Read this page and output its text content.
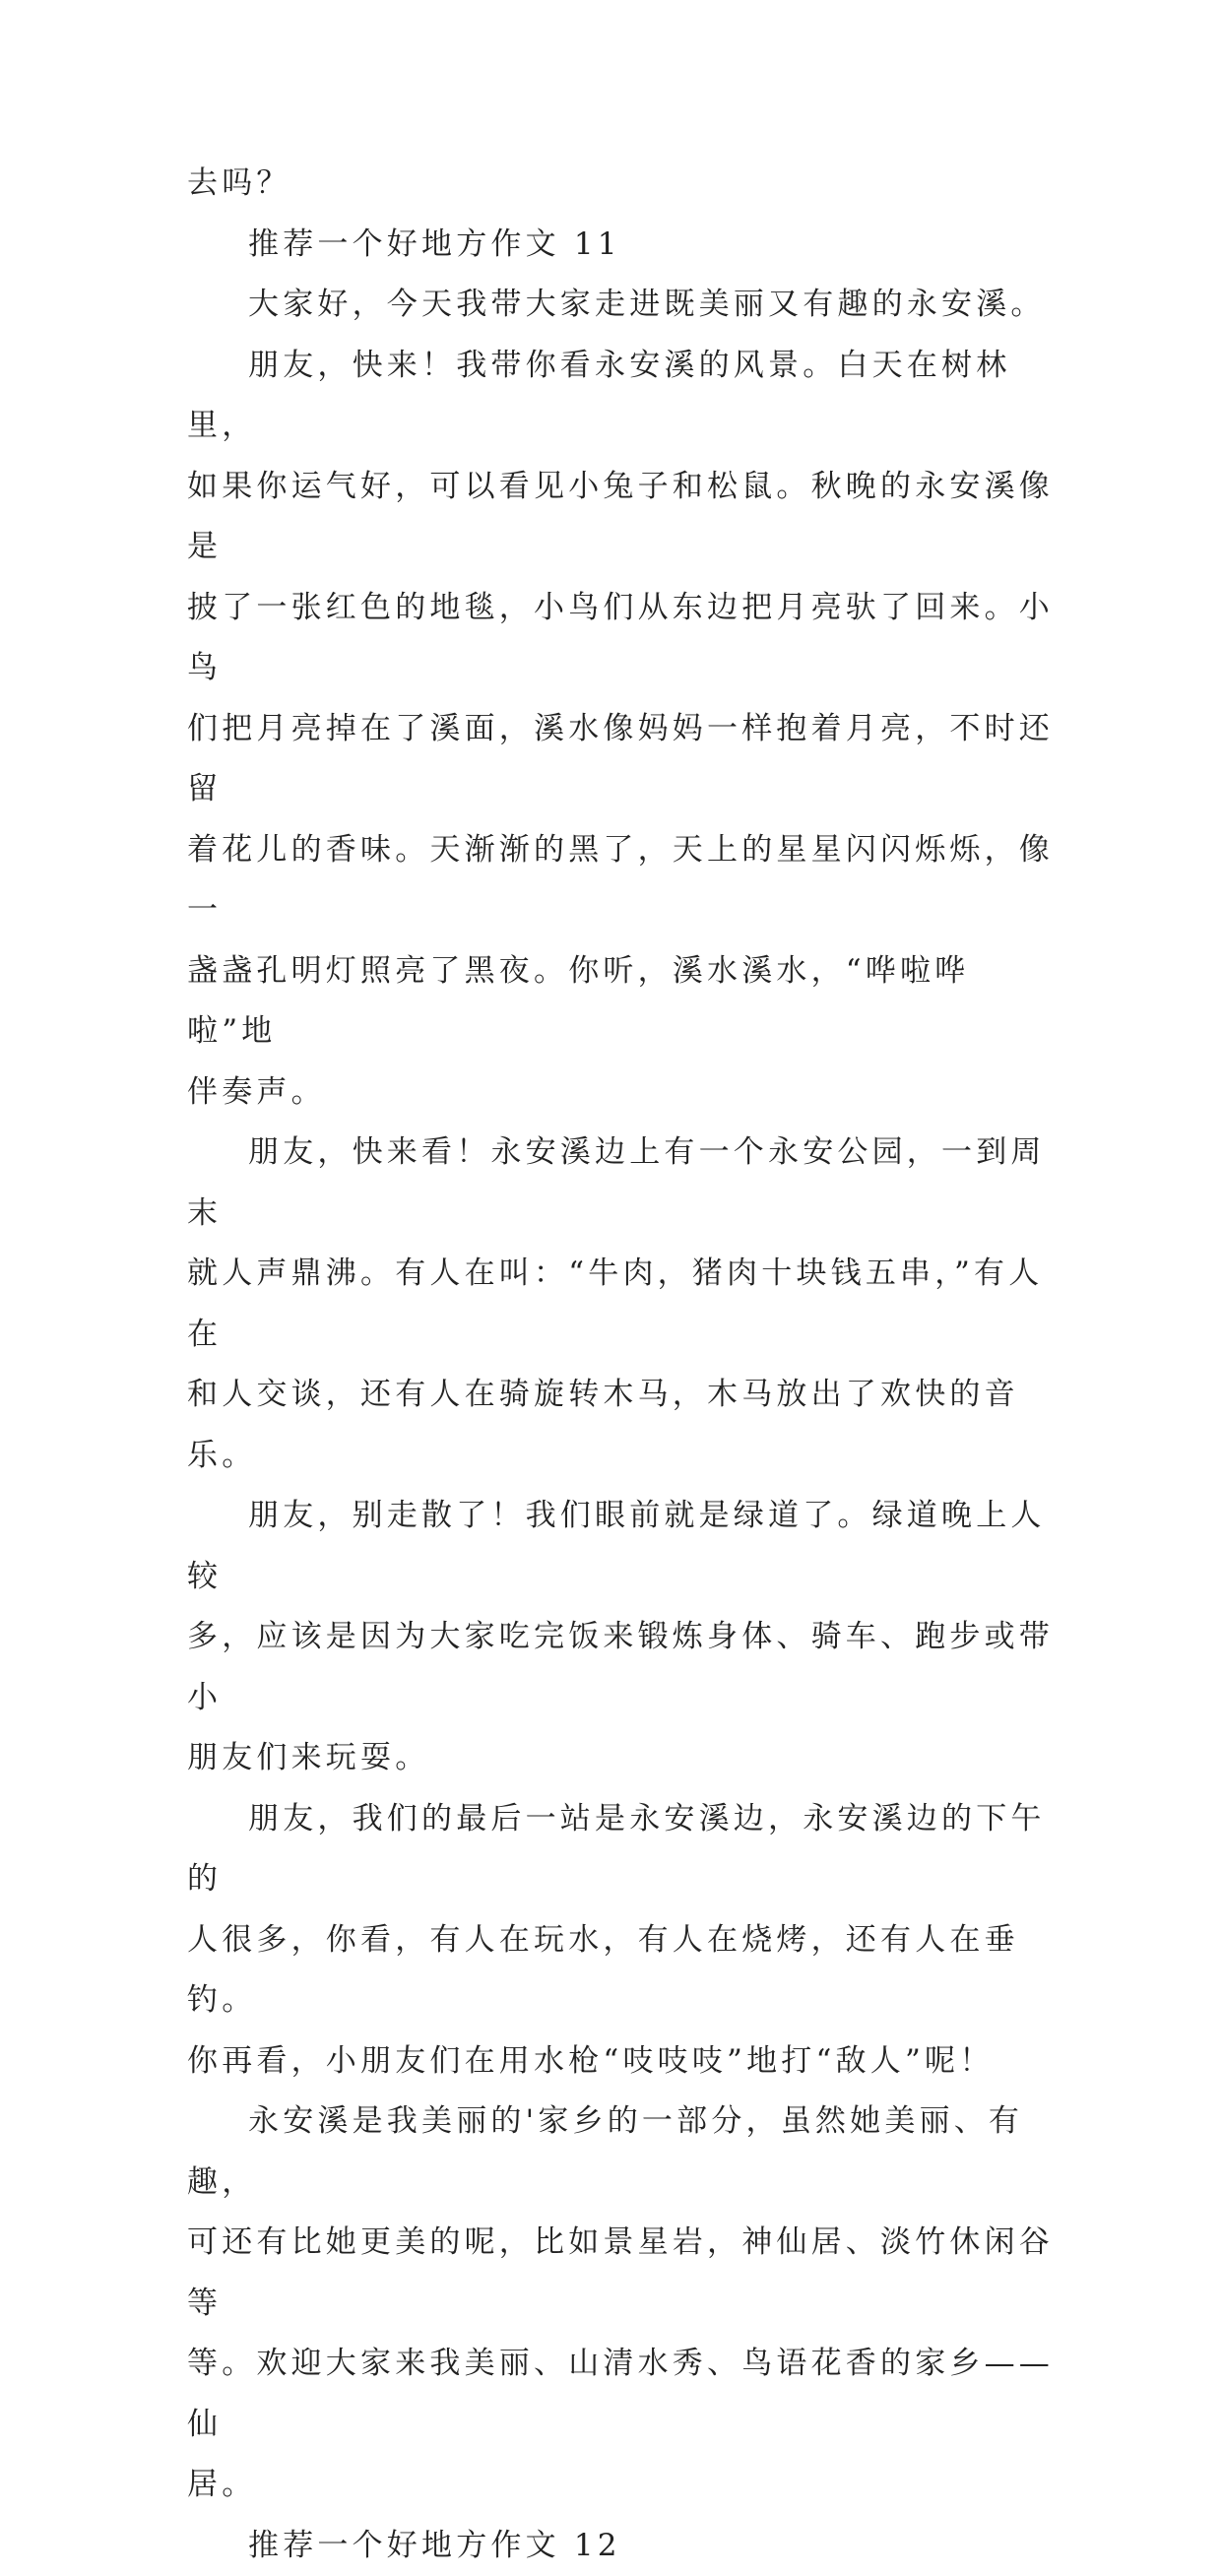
去吗？

推荐一个好地方作文 11

大家好，今天我带大家走进既美丽又有趣的永安溪。

朋友，快来！我带你看永安溪的风景。白天在树林里，

如果你运气好，可以看见小兔子和松鼠。秋晚的永安溪像是

披了一张红色的地毯，小鸟们从东边把月亮驮了回来。小鸟

们把月亮掉在了溪面，溪水像妈妈一样抱着月亮，不时还留

着花儿的香味。天渐渐的黑了，天上的星星闪闪烁烁，像一

盏盏孔明灯照亮了黑夜。你听，溪水溪水，“哗啦哗啦”地

伴奏声。

朋友，快来看！永安溪边上有一个永安公园，一到周末

就人声鼎沸。有人在叫：“牛肉，猪肉十块钱五串，”有人在

和人交谈，还有人在骑旋转木马，木马放出了欢快的音乐。

朋友，别走散了！我们眼前就是绿道了。绿道晚上人较

多，应该是因为大家吃完饭来锻炼身体、骑车、跑步或带小

朋友们来玩耍。

朋友，我们的最后一站是永安溪边，永安溪边的下午的

人很多，你看，有人在玩水，有人在烧烤，还有人在垂钓。

你再看，小朋友们在用水枪“吱吱吱”地打“敌人”呢！

永安溪是我美丽的'家乡的一部分，虽然她美丽、有趣，

可还有比她更美的呢，比如景星岩，神仙居、淡竹休闲谷等

等。欢迎大家来我美丽、山清水秀、鸟语花香的家乡——仙

居。

推荐一个好地方作文 12
